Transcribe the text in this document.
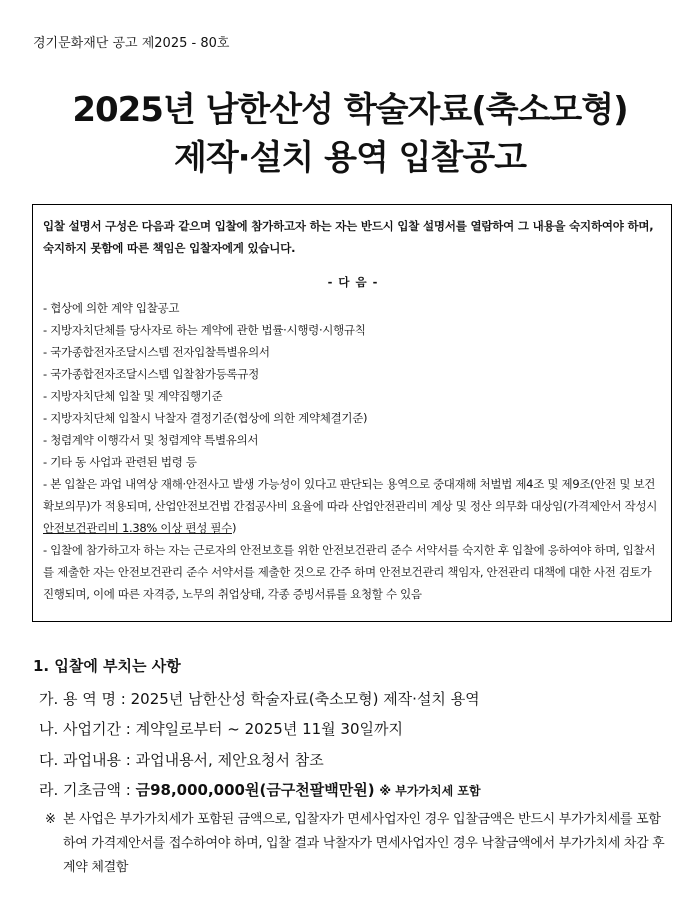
경기문화재단 공고 제2025 - 80호
2025년 남한산성 학술자료(축소모형)
제작·설치 용역 입찰공고

입찰 설명서 구성은 다음과 같으며 입찰에 참가하고자 하는 자는 반드시 입찰 설명서를 열람하여 그 내용을 숙지하여야 하며, 숙지하지 못함에 따른 책임은 입찰자에게 있습니다.

- 다 음 -
- 협상에 의한 계약 입찰공고
- 지방자치단체를 당사자로 하는 계약에 관한 법률·시행령·시행규칙
- 국가종합전자조달시스템 전자입찰특별유의서
- 국가종합전자조달시스템 입찰참가등록규정
- 지방자치단체 입찰 및 계약집행기준
- 지방자치단체 입찰시 낙찰자 결정기준(협상에 의한 계약체결기준)
- 청렴계약 이행각서 및 청렴계약 특별유의서
- 기타 동 사업과 관련된 법령 등
- 본 입찰은 과업 내역상 재해·안전사고 발생 가능성이 있다고 판단되는 용역으로 중대재해 처벌법 제4조 및 제9조(안전 및 보건확보의무)가 적용되며, 산업안전보건법 간접공사비 요율에 따라 산업안전관리비 계상 및 정산 의무화 대상임(가격제안서 작성시 안전보건관리비 1.38% 이상 편성 필수)
- 입찰에 참가하고자 하는 자는 근로자의 안전보호를 위한 안전보건관리 준수 서약서를 숙지한 후 입찰에 응하여야 하며, 입찰서를 제출한 자는 안전보건관리 준수 서약서를 제출한 것으로 간주 하며 안전보건관리 책임자, 안전관리 대책에 대한 사전 검토가 진행되며, 이에 따른 자격증, 노무의 취업상태, 각종 증빙서류를 요청할 수 있음
1. 입찰에 부치는 사항
가. 용 역 명 : 2025년 남한산성 학술자료(축소모형) 제작·설치 용역
나. 사업기간 : 계약일로부터 ~ 2025년 11월 30일까지
다. 과업내용 : 과업내용서, 제안요청서 참조
라. 기초금액 : 금98,000,000원(금구천팔백만원) ※ 부가가치세 포함
※ 본 사업은 부가가치세가 포함된 금액으로, 입찰자가 면세사업자인 경우 입찰금액은 반드시 부가가치세를 포함하여 가격제안서를 접수하여야 하며, 입찰 결과 낙찰자가 면세사업자인 경우 낙찰금액에서 부가가치세 차감 후 계약 체결함
